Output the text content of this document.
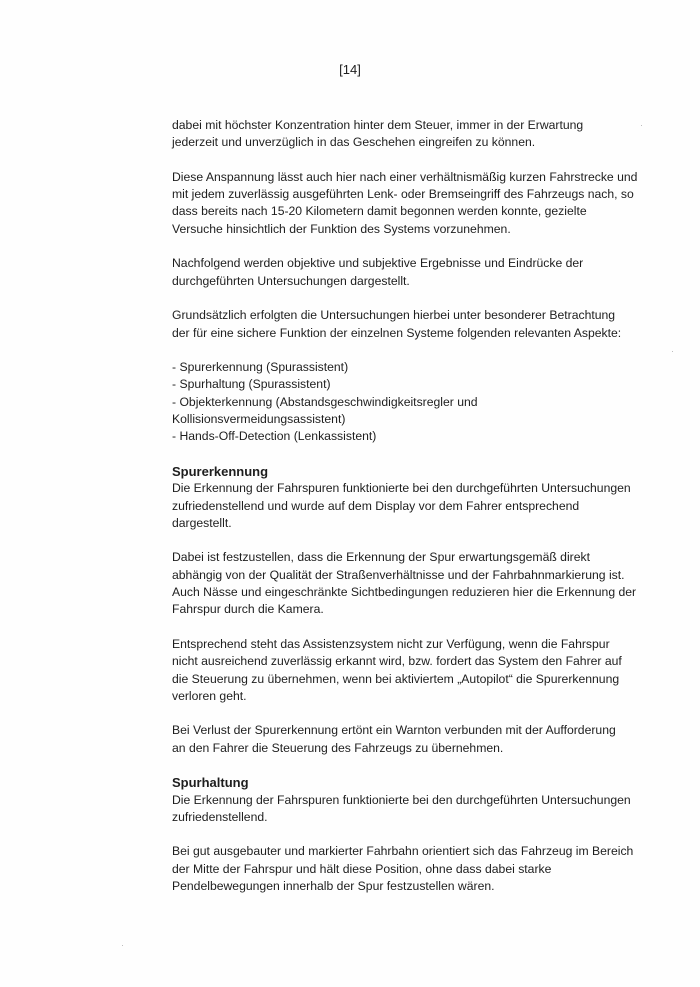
[14]

dabei mit höchster Konzentration hinter dem Steuer, immer in der Erwartung
jederzeit und unverzüglich in das Geschehen eingreifen zu können.

Diese Anspannung lässt auch hier nach einer verhältnismäßig kurzen Fahrstrecke und
mit jedem zuverlässig ausgeführten Lenk- oder Bremseingriff des Fahrzeugs nach, so
dass bereits nach 15-20 Kilometern damit begonnen werden konnte, gezielte
Versuche hinsichtlich der Funktion des Systems vorzunehmen.

Nachfolgend werden objektive und subjektive Ergebnisse und Eindrücke der
durchgeführten Untersuchungen dargestellt.

Grundsätzlich erfolgten die Untersuchungen hierbei unter besonderer Betrachtung
der für eine sichere Funktion der einzelnen Systeme folgenden relevanten Aspekte:

- Spurerkennung (Spurassistent)
- Spurhaltung (Spurassistent)
- Objekterkennung (Abstandsgeschwindigkeitsregler und
Kollisionsvermeidungsassistent)
- Hands-Off-Detection (Lenkassistent)

Spurerkennung

Die Erkennung der Fahrspuren funktionierte bei den durchgeführten Untersuchungen
zufriedenstellend und wurde auf dem Display vor dem Fahrer entsprechend
dargestellt.

Dabei ist festzustellen, dass die Erkennung der Spur erwartungsgemäß direkt
abhängig von der Qualität der Straßenverhältnisse und der Fahrbahnmarkierung ist.
Auch Nässe und eingeschränkte Sichtbedingungen reduzieren hier die Erkennung der
Fahrspur durch die Kamera.

Entsprechend steht das Assistenzsystem nicht zur Verfügung, wenn die Fahrspur
nicht ausreichend zuverlässig erkannt wird, bzw. fordert das System den Fahrer auf
die Steuerung zu übernehmen, wenn bei aktiviertem „Autopilot“ die Spurerkennung
verloren geht.

Bei Verlust der Spurerkennung ertönt ein Warnton verbunden mit der Aufforderung
an den Fahrer die Steuerung des Fahrzeugs zu übernehmen.

Spurhaltung

Die Erkennung der Fahrspuren funktionierte bei den durchgeführten Untersuchungen
zufriedenstellend.

Bei gut ausgebauter und markierter Fahrbahn orientiert sich das Fahrzeug im Bereich
der Mitte der Fahrspur und hält diese Position, ohne dass dabei starke
Pendelbewegungen innerhalb der Spur festzustellen wären.
